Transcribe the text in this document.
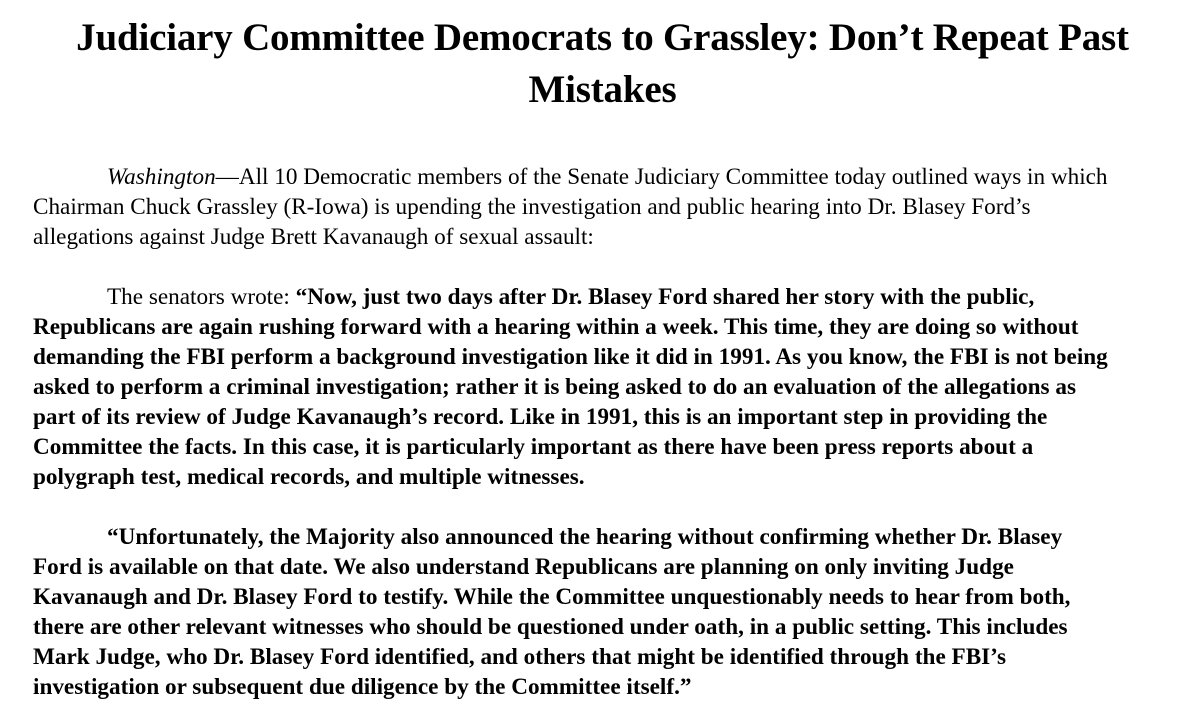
Judiciary Committee Democrats to Grassley: Don’t Repeat Past
Mistakes

Washington—All 10 Democratic members of the Senate Judiciary Committee today outlined ways in which
Chairman Chuck Grassley (R-Iowa) is upending the investigation and public hearing into Dr. Blasey Ford’s
allegations against Judge Brett Kavanaugh of sexual assault:

The senators wrote: “Now, just two days after Dr. Blasey Ford shared her story with the public,
Republicans are again rushing forward with a hearing within a week. This time, they are doing so without
demanding the FBI perform a background investigation like it did in 1991. As you know, the FBI is not being
asked to perform a criminal investigation; rather it is being asked to do an evaluation of the allegations as
part of its review of Judge Kavanaugh’s record. Like in 1991, this is an important step in providing the
Committee the facts. In this case, it is particularly important as there have been press reports about a
polygraph test, medical records, and multiple witnesses.

“Unfortunately, the Majority also announced the hearing without confirming whether Dr. Blasey
Ford is available on that date. We also understand Republicans are planning on only inviting Judge
Kavanaugh and Dr. Blasey Ford to testify. While the Committee unquestionably needs to hear from both,
there are other relevant witnesses who should be questioned under oath, in a public setting. This includes
Mark Judge, who Dr. Blasey Ford identified, and others that might be identified through the FBI’s
investigation or subsequent due diligence by the Committee itself.”
